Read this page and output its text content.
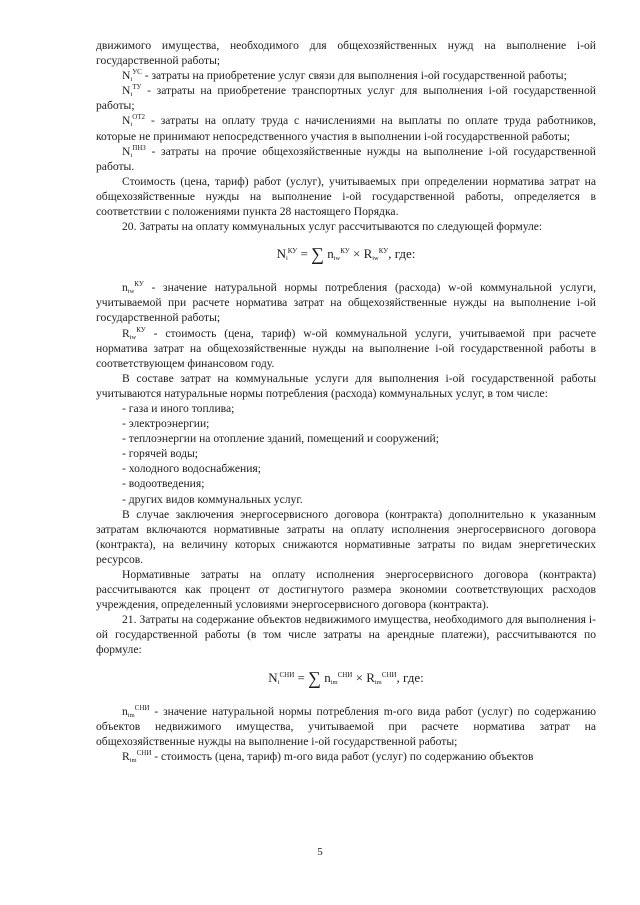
движимого имущества, необходимого для общехозяйственных нужд на выполнение i-ой государственной работы;

$N_i^{УС}$ - затраты на приобретение услуг связи для выполнения i-ой государственной работы;

$N_i^{ТУ}$ - затраты на приобретение транспортных услуг для выполнения i-ой государственной работы;

$N_i^{ОТ2}$ - затраты на оплату труда с начислениями на выплаты по оплате труда работников, которые не принимают непосредственного участия в выполнении i-ой государственной работы;

$N_i^{ПНЗ}$ - затраты на прочие общехозяйственные нужды на выполнение i-ой государственной работы.

Стоимость (цена, тариф) работ (услуг), учитываемых при определении норматива затрат на общехозяйственные нужды на выполнение i-ой государственной работы, определяется в соответствии с положениями пункта 28 настоящего Порядка.

20. Затраты на оплату коммунальных услуг рассчитываются по следующей формуле:

$N_i^{КУ}$ = ∑ $n_{iw}^{КУ} \times R_{iw}^{КУ}$, где:

$n_{iw}^{КУ}$ - значение натуральной нормы потребления (расхода) w-ой коммунальной услуги, учитываемой при расчете норматива затрат на общехозяйственные нужды на выполнение i-ой государственной работы;

$R_{iw}^{КУ}$ - стоимость (цена, тариф) w-ой коммунальной услуги, учитываемой при расчете норматива затрат на общехозяйственные нужды на выполнение i-ой государственной работы в соответствующем финансовом году.

В составе затрат на коммунальные услуги для выполнения i-ой государственной работы учитываются натуральные нормы потребления (расхода) коммунальных услуг, в том числе:

- газа и иного топлива;

- электроэнергии;

- теплоэнергии на отопление зданий, помещений и сооружений;

- горячей воды;

- холодного водоснабжения;

- водоотведения;

- других видов коммунальных услуг.

В случае заключения энергосервисного договора (контракта) дополнительно к указанным затратам включаются нормативные затраты на оплату исполнения энергосервисного договора (контракта), на величину которых снижаются нормативные затраты по видам энергетических ресурсов.

Нормативные затраты на оплату исполнения энергосервисного договора (контракта) рассчитываются как процент от достигнутого размера экономии соответствующих расходов учреждения, определенный условиями энергосервисного договора (контракта).

21. Затраты на содержание объектов недвижимого имущества, необходимого для выполнения i-ой государственной работы (в том числе затраты на арендные платежи), рассчитываются по формуле:

$N_i^{СНИ}$ = ∑ $n_{im}^{СНИ} \times R_{im}^{СНИ}$, где:

$n_{im}^{СНИ}$ - значение натуральной нормы потребления m-ого вида работ (услуг) по содержанию объектов недвижимого имущества, учитываемой при расчете норматива затрат на общехозяйственные нужды на выполнение i-ой государственной работы;

$R_{im}^{СНИ}$ - стоимость (цена, тариф) m-ого вида работ (услуг) по содержанию объектов

5
